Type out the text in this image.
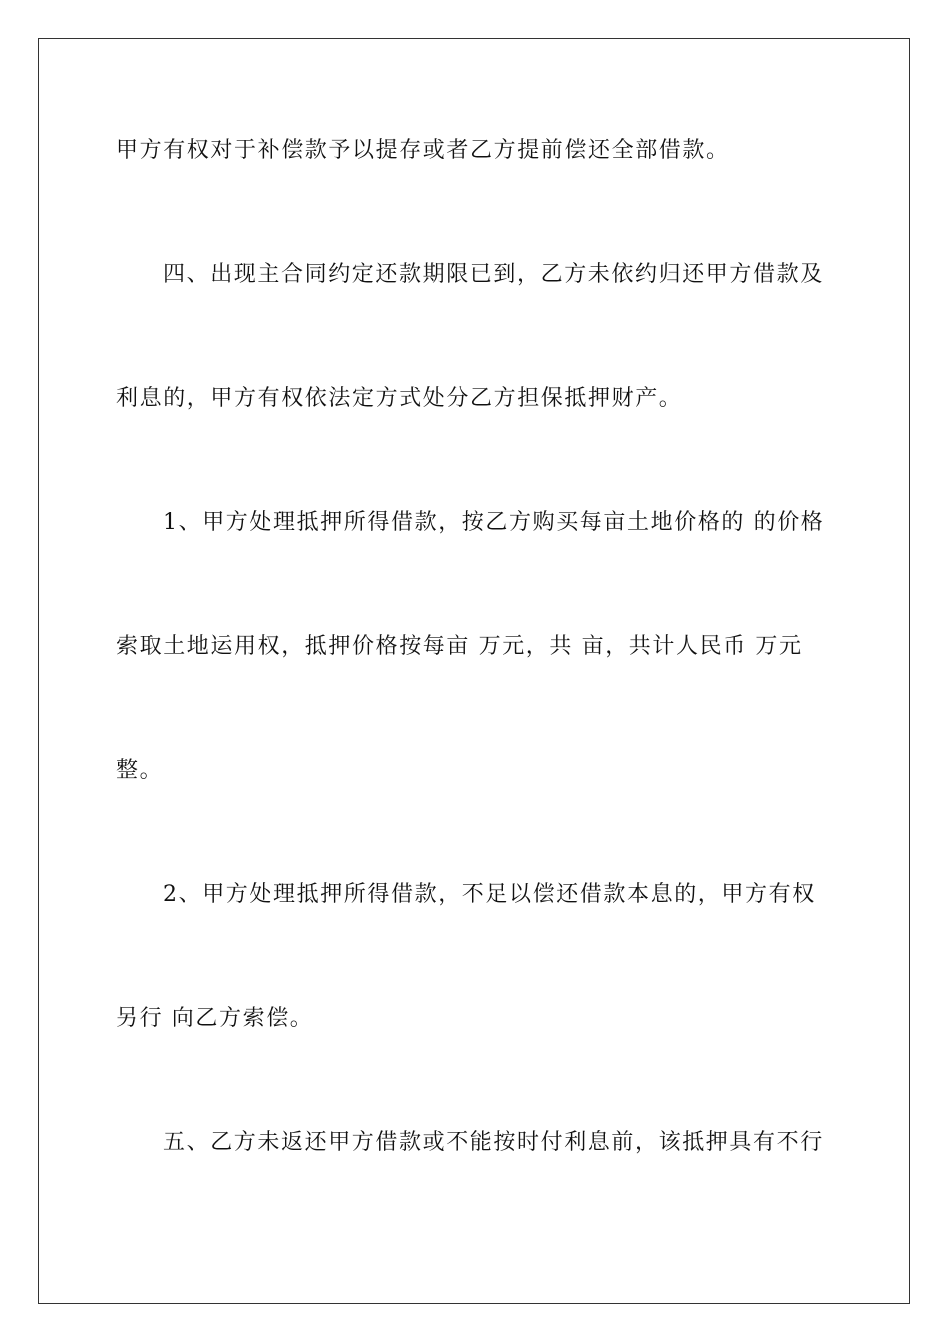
甲方有权对于补偿款予以提存或者乙方提前偿还全部借款。
四、出现主合同约定还款期限已到，乙方未依约归还甲方借款及
利息的，甲方有权依法定方式处分乙方担保抵押财产。
1、甲方处理抵押所得借款，按乙方购买每亩土地价格的 的价格
索取土地运用权，抵押价格按每亩 万元，共 亩，共计人民币 万元
整。
2、甲方处理抵押所得借款，不足以偿还借款本息的，甲方有权
另行 向乙方索偿。
五、乙方未返还甲方借款或不能按时付利息前，该抵押具有不行
